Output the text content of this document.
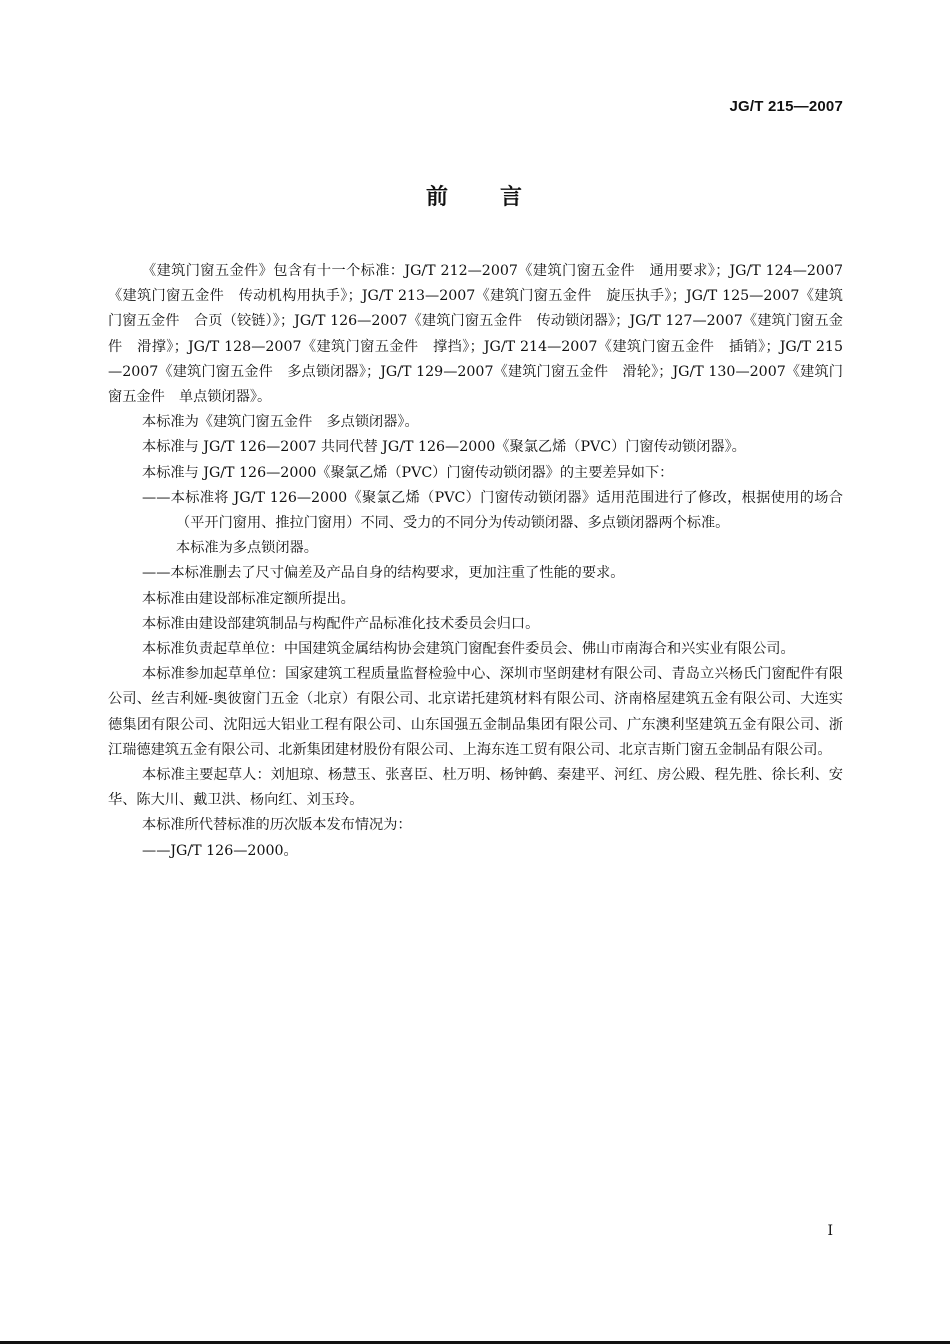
JG/T 215—2007
前 言

《建筑门窗五金件》包含有十一个标准：JG/T 212—2007《建筑门窗五金件　通用要求》；JG/T 124—2007《建筑门窗五金件　传动机构用执手》；JG/T 213—2007《建筑门窗五金件　旋压执手》；JG/T 125—2007《建筑门窗五金件　合页（铰链）》；JG/T 126—2007《建筑门窗五金件　传动锁闭器》；JG/T 127—2007《建筑门窗五金件　滑撑》；JG/T 128—2007《建筑门窗五金件　撑挡》；JG/T 214—2007《建筑门窗五金件　插销》；JG/T 215—2007《建筑门窗五金件　多点锁闭器》；JG/T 129—2007《建筑门窗五金件　滑轮》；JG/T 130—2007《建筑门窗五金件　单点锁闭器》。

本标准为《建筑门窗五金件　多点锁闭器》。

本标准与 JG/T 126—2007 共同代替 JG/T 126—2000《聚氯乙烯（PVC）门窗传动锁闭器》。

本标准与 JG/T 126—2000《聚氯乙烯（PVC）门窗传动锁闭器》的主要差异如下：

——本标准将 JG/T 126—2000《聚氯乙烯（PVC）门窗传动锁闭器》适用范围进行了修改，根据使用的场合（平开门窗用、推拉门窗用）不同、受力的不同分为传动锁闭器、多点锁闭器两个标准。

本标准为多点锁闭器。

——本标准删去了尺寸偏差及产品自身的结构要求，更加注重了性能的要求。

本标准由建设部标准定额所提出。

本标准由建设部建筑制品与构配件产品标准化技术委员会归口。

本标准负责起草单位：中国建筑金属结构协会建筑门窗配套件委员会、佛山市南海合和兴实业有限公司。

本标准参加起草单位：国家建筑工程质量监督检验中心、深圳市坚朗建材有限公司、青岛立兴杨氏门窗配件有限公司、丝吉利娅-奥彼窗门五金（北京）有限公司、北京诺托建筑材料有限公司、济南格屋建筑五金有限公司、大连实德集团有限公司、沈阳远大铝业工程有限公司、山东国强五金制品集团有限公司、广东澳利坚建筑五金有限公司、浙江瑞德建筑五金有限公司、北新集团建材股份有限公司、上海东连工贸有限公司、北京吉斯门窗五金制品有限公司。

本标准主要起草人：刘旭琼、杨慧玉、张喜臣、杜万明、杨钟鹤、秦建平、河红、房公殿、程先胜、徐长利、安华、陈大川、戴卫洪、杨向红、刘玉玲。

本标准所代替标准的历次版本发布情况为：

——JG/T 126—2000。

I
